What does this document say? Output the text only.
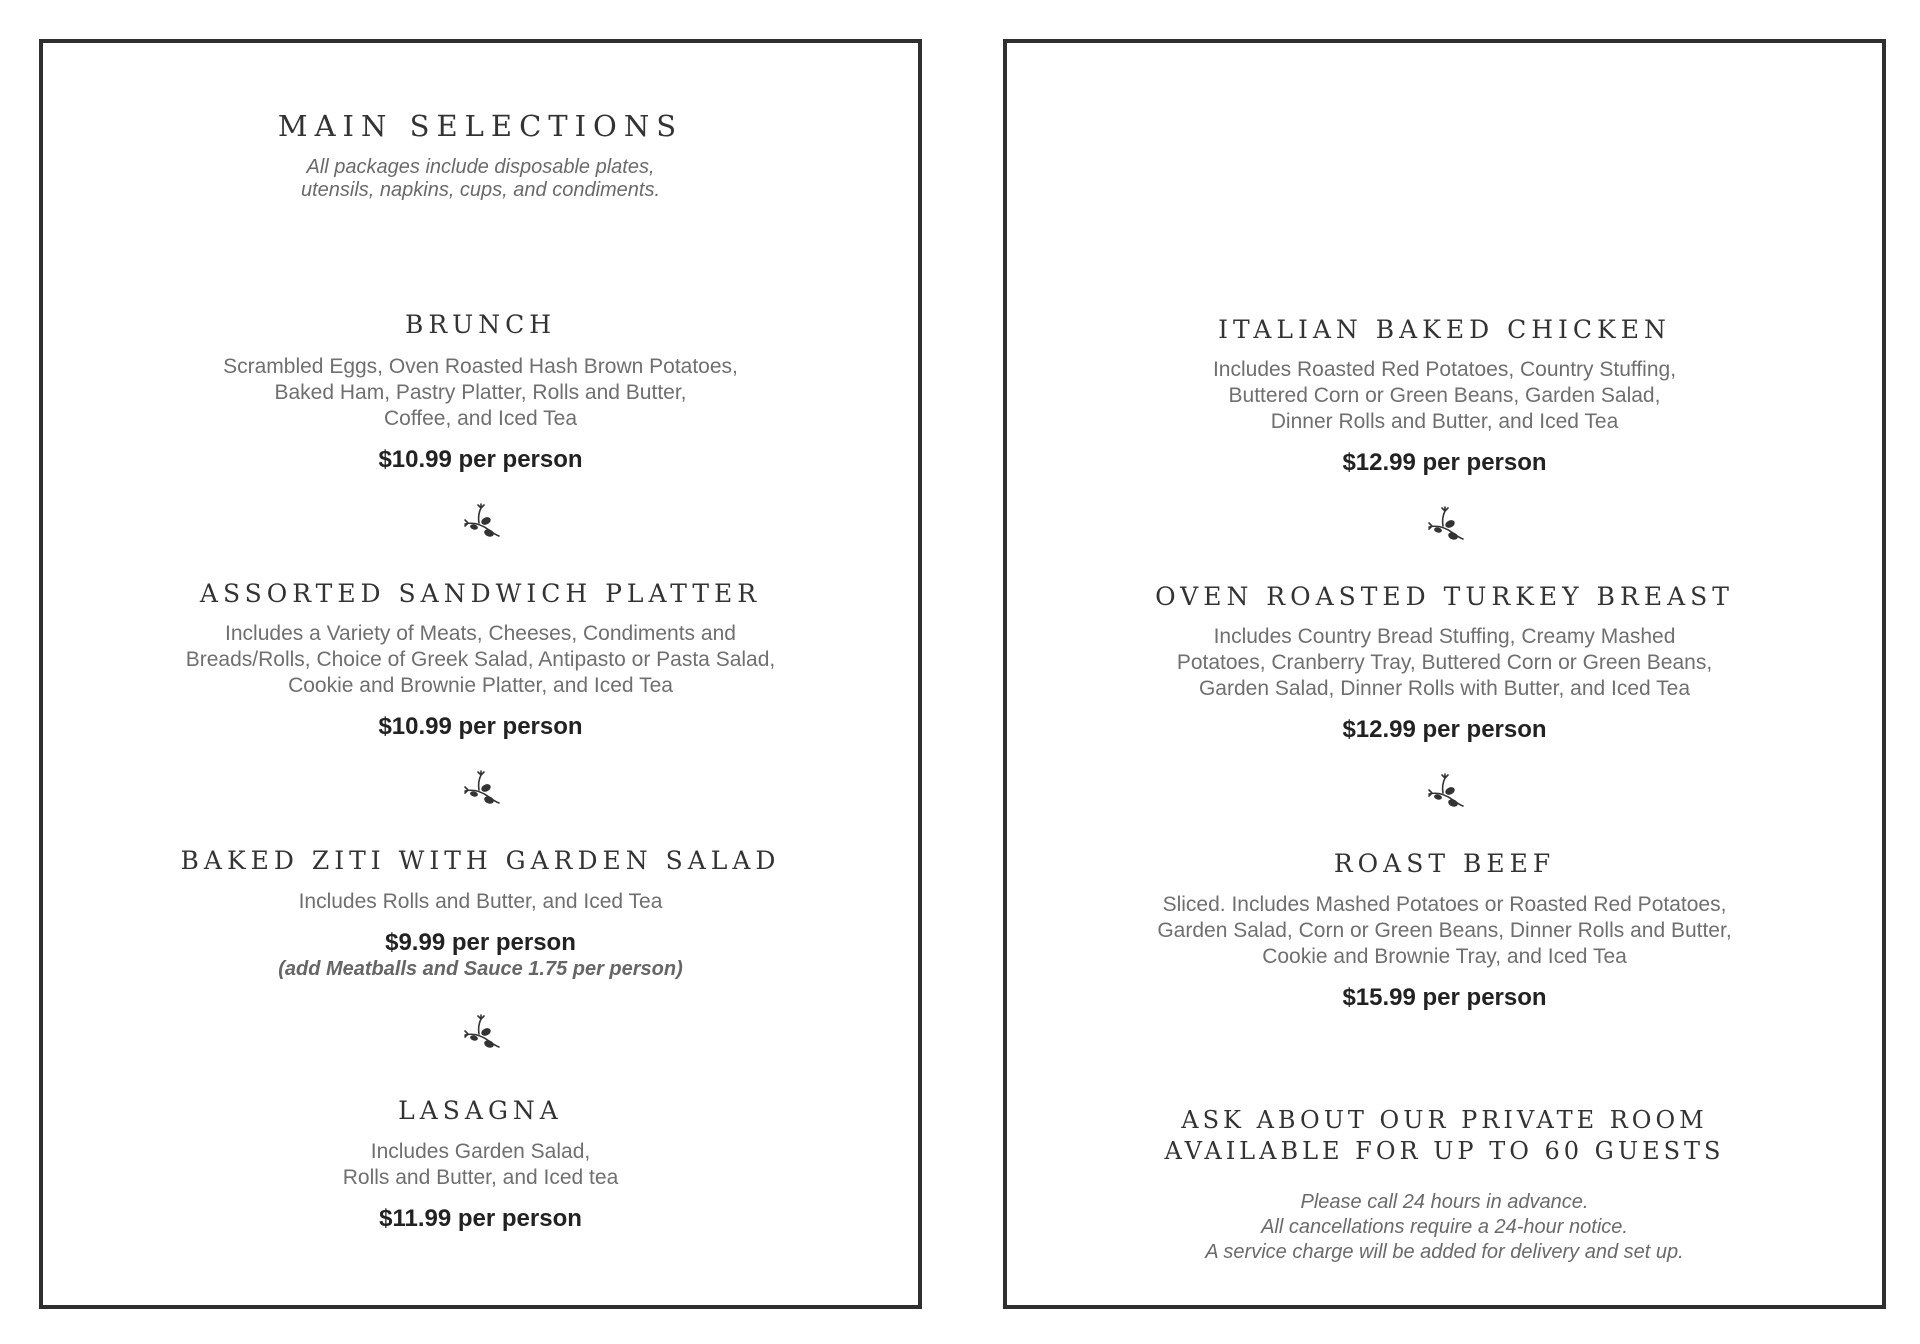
MAIN SELECTIONS

All packages include disposable plates,
utensils, napkins, cups, and condiments.

BRUNCH

Scrambled Eggs, Oven Roasted Hash Brown Potatoes,
Baked Ham, Pastry Platter, Rolls and Butter,
Coffee, and Iced Tea

$10.99 per person

ASSORTED SANDWICH PLATTER

Includes a Variety of Meats, Cheeses, Condiments and
Breads/Rolls, Choice of Greek Salad, Antipasto or Pasta Salad,
Cookie and Brownie Platter, and Iced Tea

$10.99 per person

BAKED ZITI WITH GARDEN SALAD

Includes Rolls and Butter, and Iced Tea

$9.99 per person

(add Meatballs and Sauce 1.75 per person)

LASAGNA

Includes Garden Salad,
Rolls and Butter, and Iced tea

$11.99 per person

ITALIAN BAKED CHICKEN

Includes Roasted Red Potatoes, Country Stuffing,
Buttered Corn or Green Beans, Garden Salad,
Dinner Rolls and Butter, and Iced Tea

$12.99 per person

OVEN ROASTED TURKEY BREAST

Includes Country Bread Stuffing, Creamy Mashed
Potatoes, Cranberry Tray, Buttered Corn or Green Beans,
Garden Salad, Dinner Rolls with Butter, and Iced Tea

$12.99 per person

ROAST BEEF

Sliced. Includes Mashed Potatoes or Roasted Red Potatoes,
Garden Salad, Corn or Green Beans, Dinner Rolls and Butter,
Cookie and Brownie Tray, and Iced Tea

$15.99 per person

ASK ABOUT OUR PRIVATE ROOM
AVAILABLE FOR UP TO 60 GUESTS

Please call 24 hours in advance.
All cancellations require a 24-hour notice.
A service charge will be added for delivery and set up.
